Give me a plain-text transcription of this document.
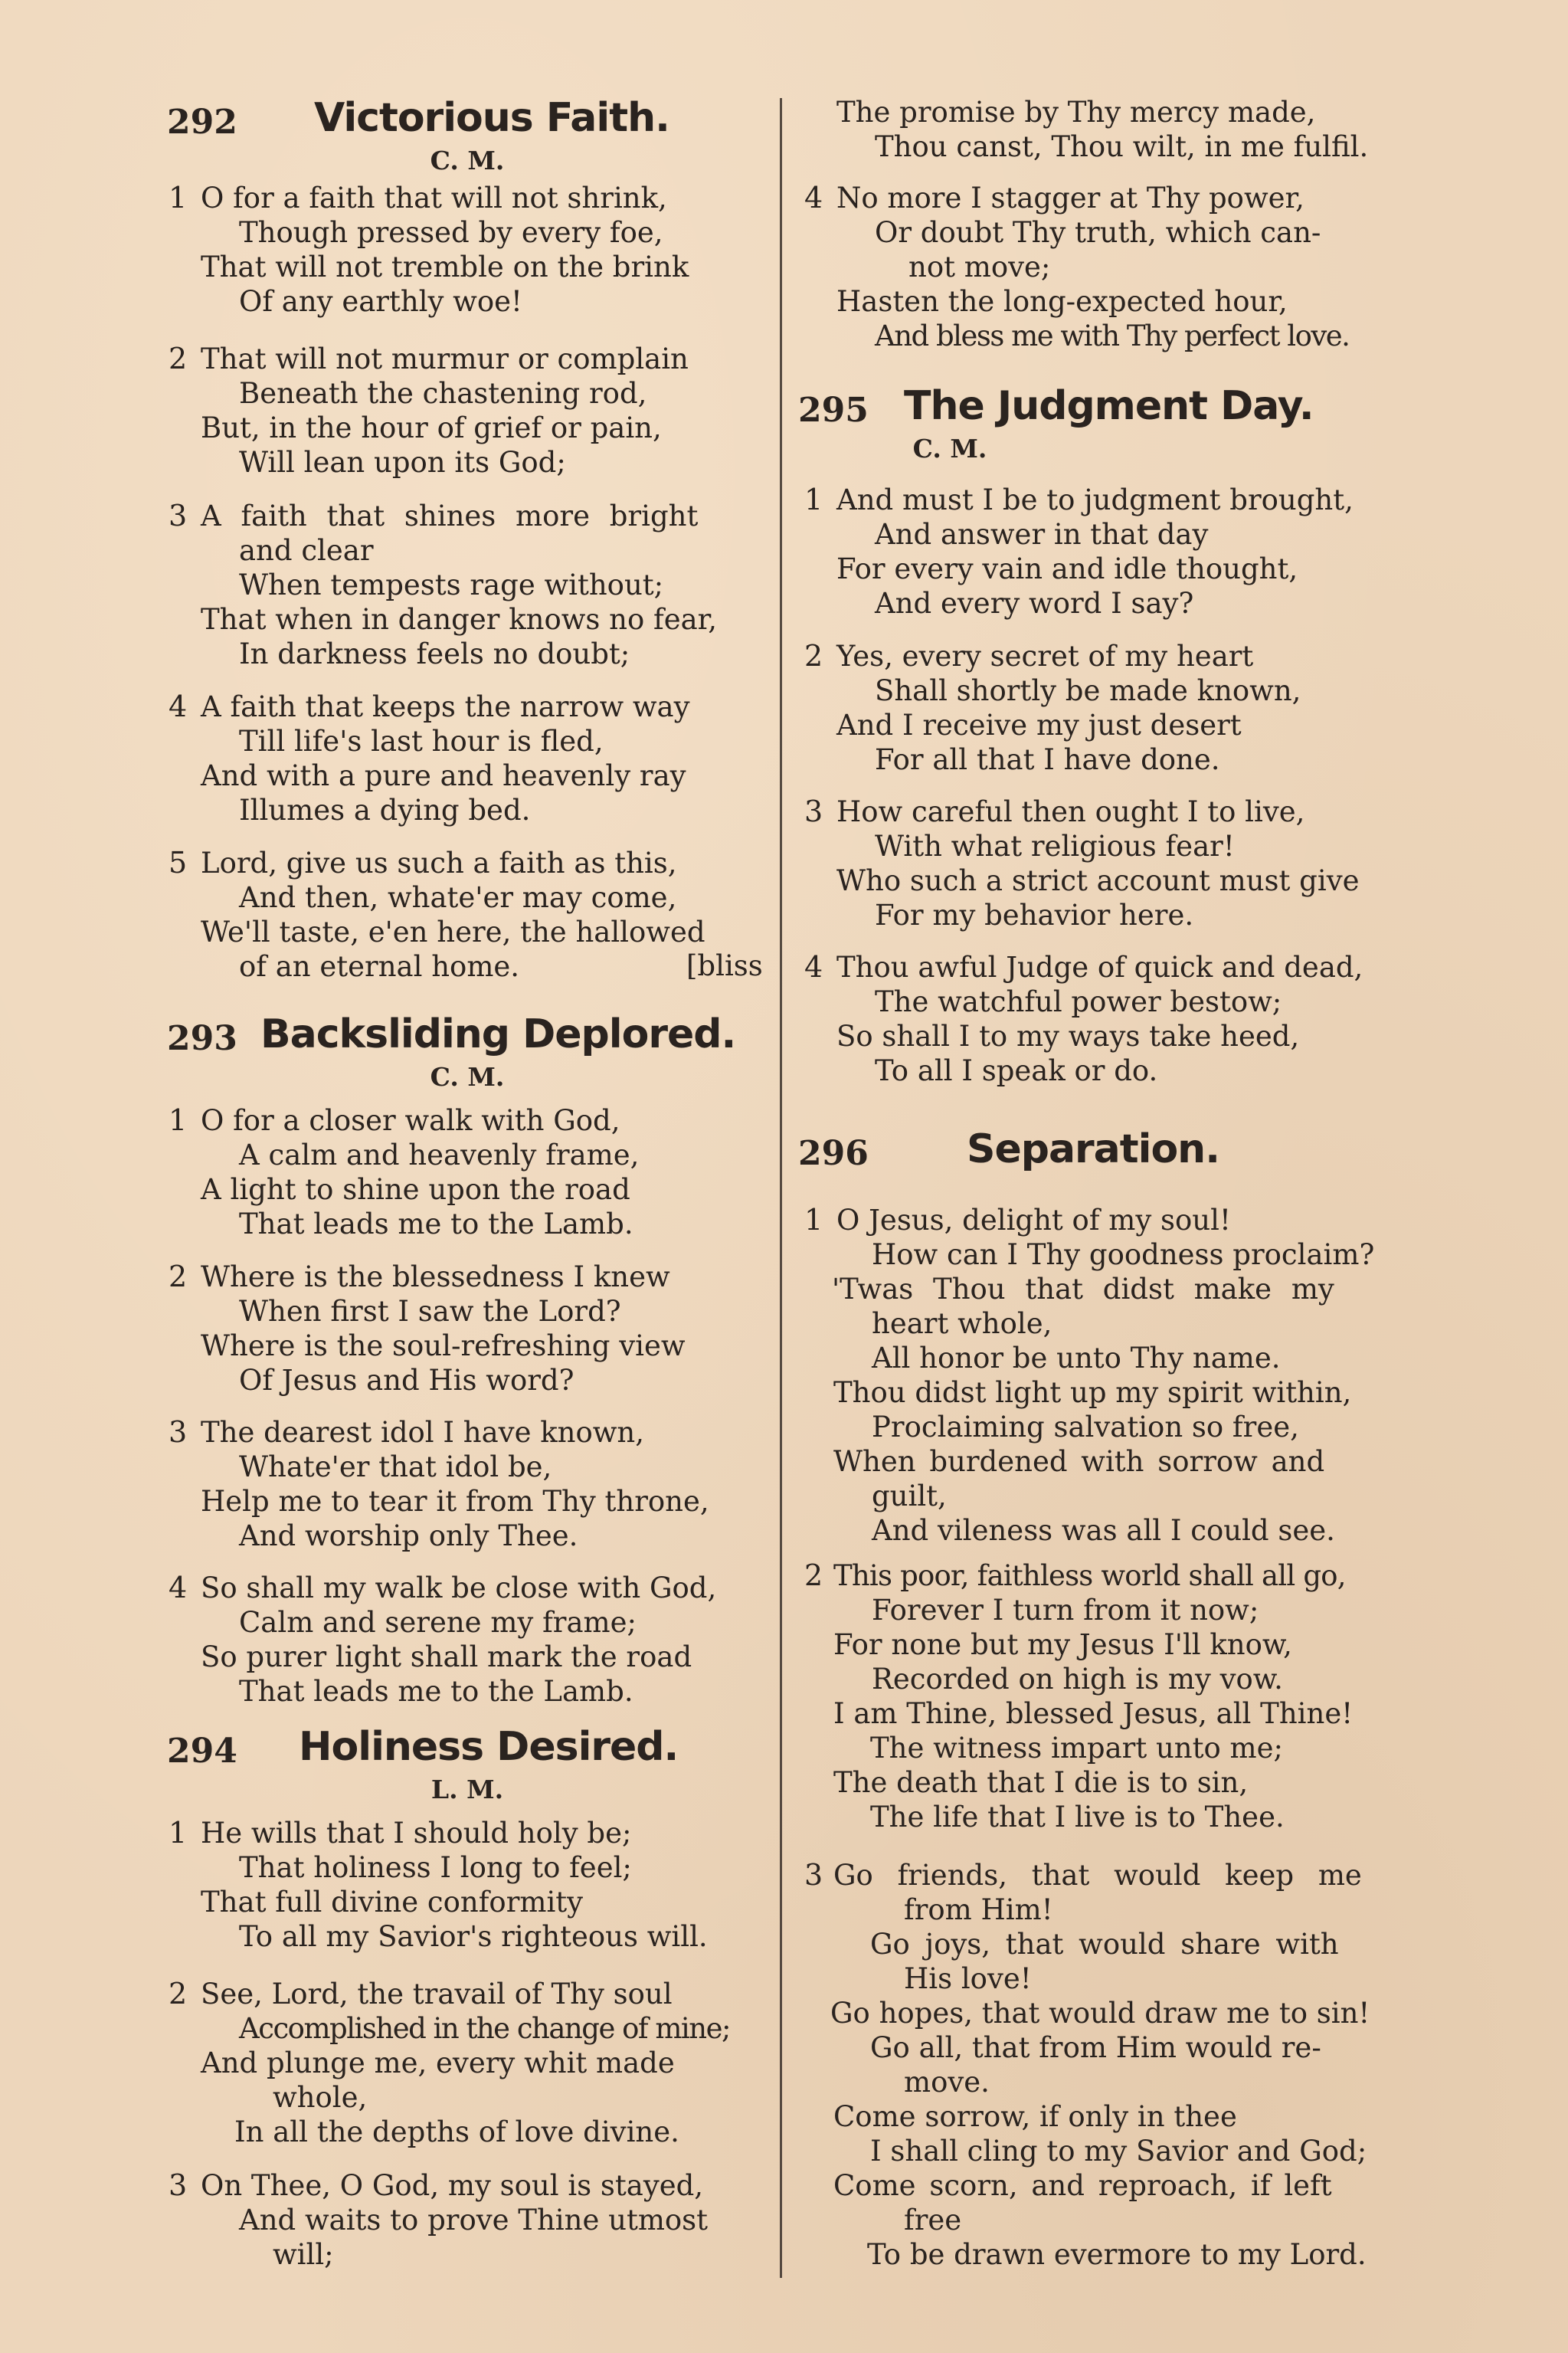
292 Victorious Faith.
C. M.
1 O for a faith that will not shrink,
Though pressed by every foe,
That will not tremble on the brink
Of any earthly woe!
2 That will not murmur or complain
Beneath the chastening rod,
But, in the hour of grief or pain,
Will lean upon its God;
3 A faith that shines more bright
and clear
When tempests rage without;
That when in danger knows no fear,
In darkness feels no doubt;
4 A faith that keeps the narrow way
Till life's last hour is fled,
And with a pure and heavenly ray
Illumes a dying bed.
5 Lord, give us such a faith as this,
And then, whate'er may come,
We'll taste, e'en here, the hallowed
of an eternal home.	[bliss
293 Backsliding Deplored.
C. M.
1 O for a closer walk with God,
A calm and heavenly frame,
A light to shine upon the road
That leads me to the Lamb.
2 Where is the blessedness I knew
When first I saw the Lord?
Where is the soul-refreshing view
Of Jesus and His word?
3 The dearest idol I have known,
Whate'er that idol be,
Help me to tear it from Thy throne,
And worship only Thee.
4 So shall my walk be close with God,
Calm and serene my frame;
So purer light shall mark the road
That leads me to the Lamb.
294 Holiness Desired.
L. M.
1 He wills that I should holy be;
That holiness I long to feel;
That full divine conformity
To all my Savior's righteous will.
2 See, Lord, the travail of Thy soul
Accomplished in the change of mine;
And plunge me, every whit made
whole,
In all the depths of love divine.
3 On Thee, O God, my soul is stayed,
And waits to prove Thine utmost
will;
The promise by Thy mercy made,
Thou canst, Thou wilt, in me fulfil.
4 No more I stagger at Thy power,
Or doubt Thy truth, which can-
not move;
Hasten the long-expected hour,
And bless me with Thy perfect love.
295 The Judgment Day.
C. M.
1 And must I be to judgment brought,
And answer in that day
For every vain and idle thought,
And every word I say?
2 Yes, every secret of my heart
Shall shortly be made known,
And I receive my just desert
For all that I have done.
3 How careful then ought I to live,
With what religious fear!
Who such a strict account must give
For my behavior here.
4 Thou awful Judge of quick and dead,
The watchful power bestow;
So shall I to my ways take heed,
To all I speak or do.
296 Separation.
1 O Jesus, delight of my soul!
How can I Thy goodness proclaim?
'Twas Thou that didst make my
heart whole,
All honor be unto Thy name.
Thou didst light up my spirit within,
Proclaiming salvation so free,
When burdened with sorrow and
guilt,
And vileness was all I could see.
2 This poor, faithless world shall all go,
Forever I turn from it now;
For none but my Jesus I'll know,
Recorded on high is my vow.
I am Thine, blessed Jesus, all Thine!
The witness impart unto me;
The death that I die is to sin,
The life that I live is to Thee.
3 Go friends, that would keep me
from Him!
Go joys, that would share with
His love!
Go hopes, that would draw me to sin!
Go all, that from Him would re-
move.
Come sorrow, if only in thee
I shall cling to my Savior and God;
Come scorn, and reproach, if left
free
To be drawn evermore to my Lord.
